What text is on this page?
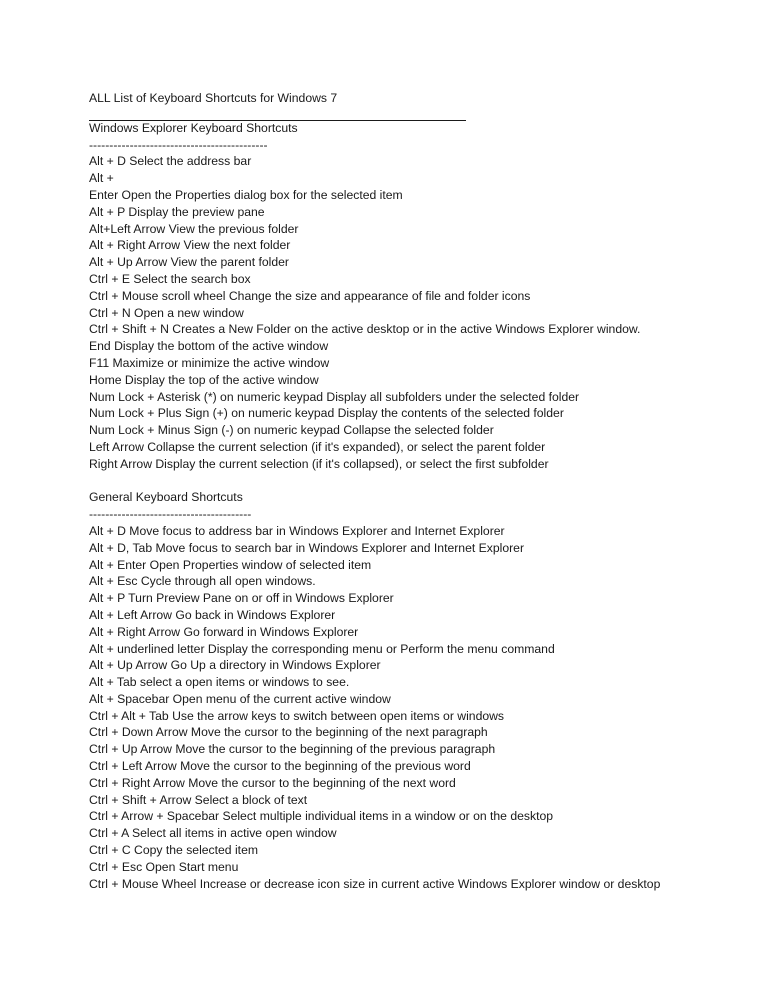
ALL List of Keyboard Shortcuts for Windows 7
Windows Explorer Keyboard Shortcuts
--------------------------------------------
Alt + D Select the address bar
Alt +
Enter Open the Properties dialog box for the selected item
Alt + P Display the preview pane
Alt+Left Arrow View the previous folder
Alt + Right Arrow View the next folder
Alt + Up Arrow View the parent folder
Ctrl + E Select the search box
Ctrl + Mouse scroll wheel Change the size and appearance of file and folder icons
Ctrl + N Open a new window
Ctrl + Shift + N Creates a New Folder on the active desktop or in the active Windows Explorer window.
End Display the bottom of the active window
F11 Maximize or minimize the active window
Home Display the top of the active window
Num Lock + Asterisk (*) on numeric keypad Display all subfolders under the selected folder
Num Lock + Plus Sign (+) on numeric keypad Display the contents of the selected folder
Num Lock + Minus Sign (-) on numeric keypad Collapse the selected folder
Left Arrow Collapse the current selection (if it's expanded), or select the parent folder
Right Arrow Display the current selection (if it's collapsed), or select the first subfolder
General Keyboard Shortcuts
----------------------------------------
Alt + D Move focus to address bar in Windows Explorer and Internet Explorer
Alt + D, Tab Move focus to search bar in Windows Explorer and Internet Explorer
Alt + Enter Open Properties window of selected item
Alt + Esc Cycle through all open windows.
Alt + P Turn Preview Pane on or off in Windows Explorer
Alt + Left Arrow Go back in Windows Explorer
Alt + Right Arrow Go forward in Windows Explorer
Alt + underlined letter Display the corresponding menu or Perform the menu command
Alt + Up Arrow Go Up a directory in Windows Explorer
Alt + Tab select a open items or windows to see.
Alt + Spacebar Open menu of the current active window
Ctrl + Alt + Tab Use the arrow keys to switch between open items or windows
Ctrl + Down Arrow Move the cursor to the beginning of the next paragraph
Ctrl + Up Arrow Move the cursor to the beginning of the previous paragraph
Ctrl + Left Arrow Move the cursor to the beginning of the previous word
Ctrl + Right Arrow Move the cursor to the beginning of the next word
Ctrl + Shift + Arrow Select a block of text
Ctrl + Arrow + Spacebar Select multiple individual items in a window or on the desktop
Ctrl + A Select all items in active open window
Ctrl + C Copy the selected item
Ctrl + Esc Open Start menu
Ctrl + Mouse Wheel Increase or decrease icon size in current active Windows Explorer window or desktop
